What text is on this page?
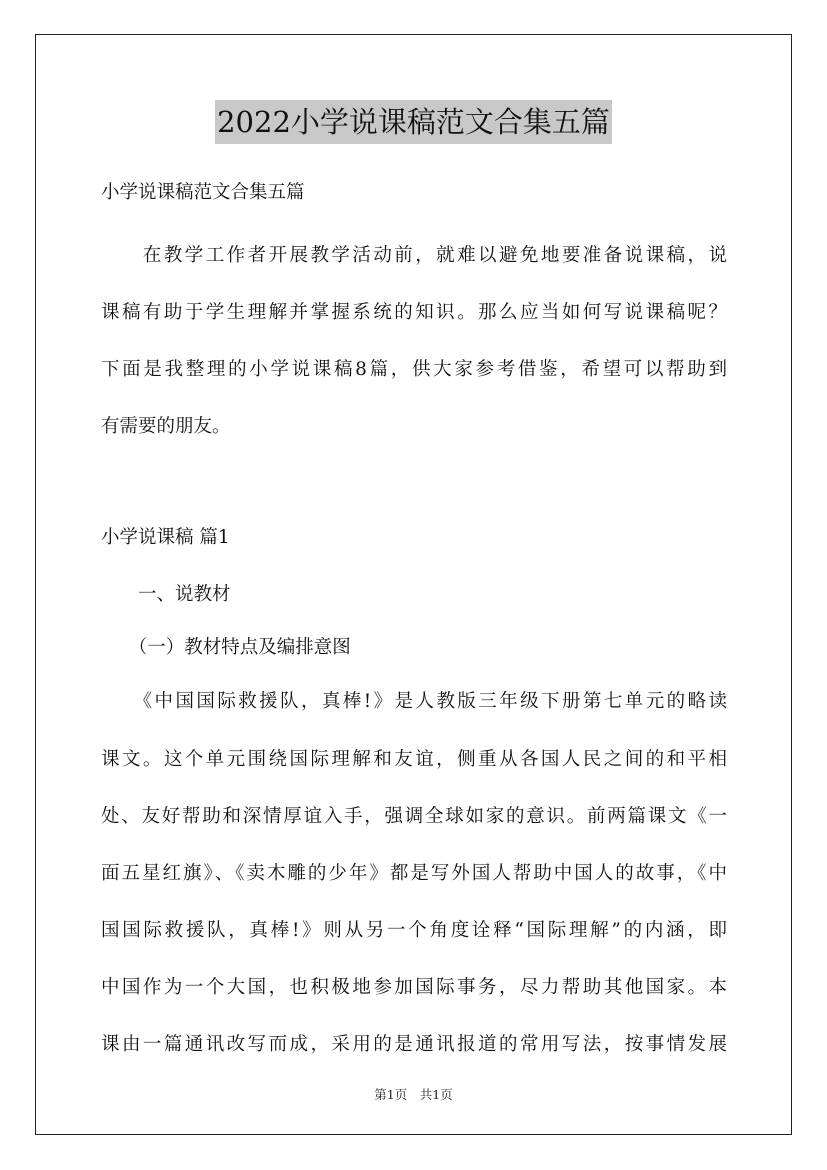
2022小学说课稿范文合集五篇
小学说课稿范文合集五篇
　　在教学工作者开展教学活动前，就难以避免地要准备说课稿，说
课稿有助于学生理解并掌握系统的知识。那么应当如何写说课稿呢？
下面是我整理的小学说课稿8篇，供大家参考借鉴，希望可以帮助到
有需要的朋友。
小学说课稿 篇1
　　一、说教材
　　（一）教材特点及编排意图
　　《中国国际救援队，真棒!》是人教版三年级下册第七单元的略读
课文。这个单元围绕国际理解和友谊，侧重从各国人民之间的和平相
处、友好帮助和深情厚谊入手，强调全球如家的意识。前两篇课文《一
面五星红旗》、《卖木雕的少年》都是写外国人帮助中国人的故事，《中
国国际救援队，真棒!》则从另一个角度诠释“国际理解”的内涵，即
中国作为一个大国，也积极地参加国际事务，尽力帮助其他国家。本
课由一篇通讯改写而成，采用的是通讯报道的常用写法，按事情发展
第1页　共1页
